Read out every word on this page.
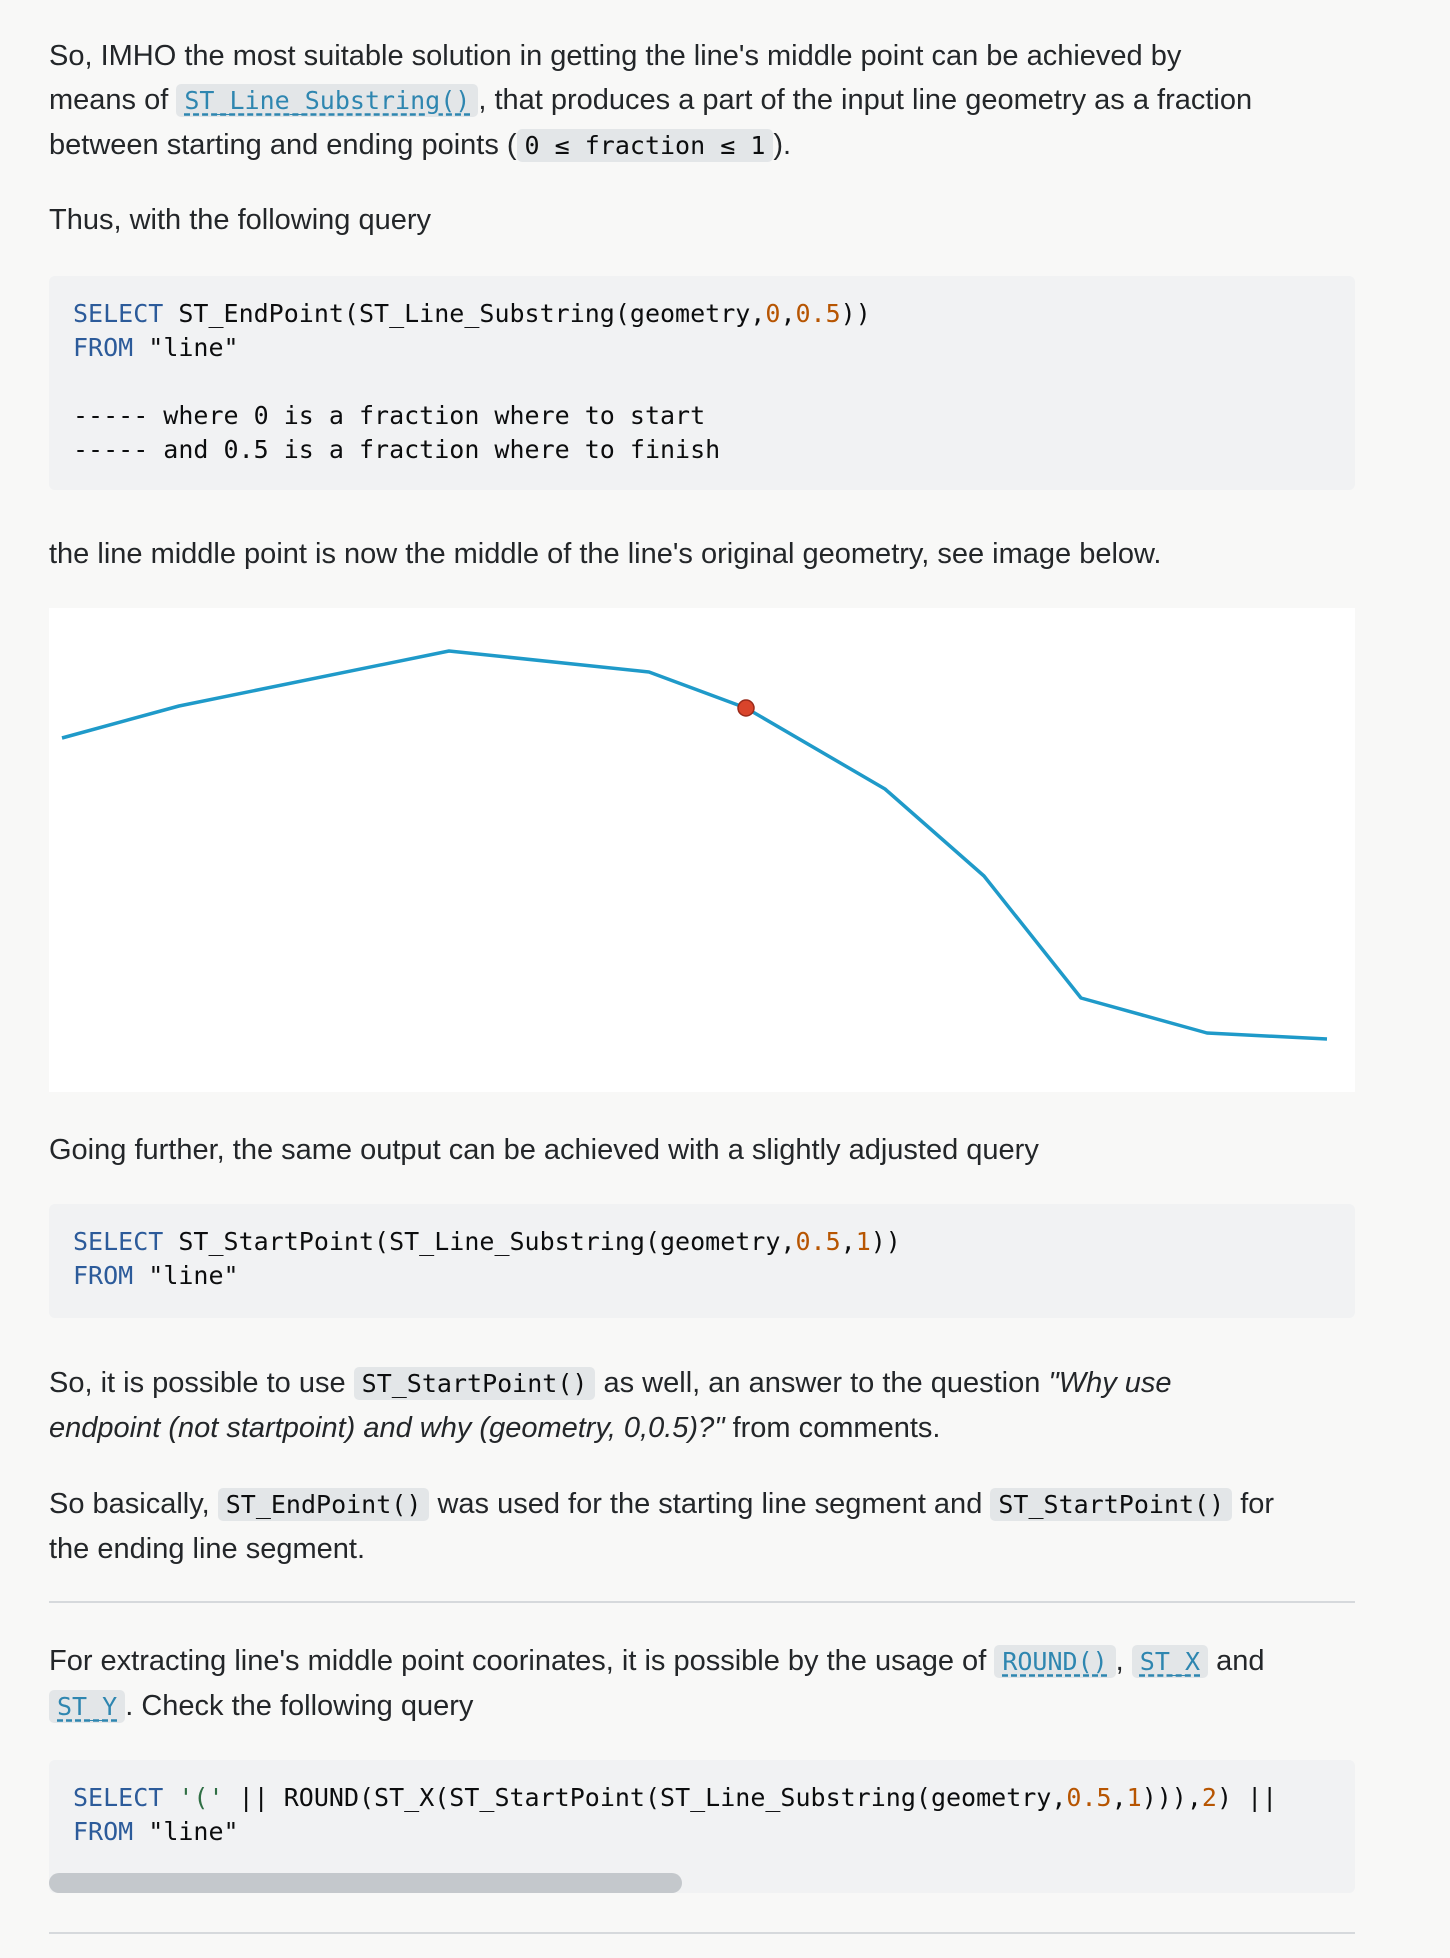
So, IMHO the most suitable solution in getting the line's middle point can be achieved by
means of ST_Line_Substring() , that produces a part of the input line geometry as a fraction
between starting and ending points ( 0 ≤ fraction ≤ 1 ).

Thus, with the following query

SELECT ST_EndPoint(ST_Line_Substring(geometry,0,0.5))
FROM "line"
----- where 0 is a fraction where to start
----- and 0.5 is a fraction where to finish

the line middle point is now the middle of the line's original geometry, see image below.

Going further, the same output can be achieved with a slightly adjusted query

SELECT ST_StartPoint(ST_Line_Substring(geometry,0.5,1))
FROM "line"

So, it is possible to use ST_StartPoint() as well, an answer to the question "Why use
endpoint (not startpoint) and why (geometry, 0,0.5)?" from comments.

So basically, ST_EndPoint() was used for the starting line segment and ST_StartPoint() for
the ending line segment.

For extracting line's middle point coorinates, it is possible by the usage of ROUND() , ST_X and
ST_Y . Check the following query

SELECT '(' || ROUND(ST_X(ST_StartPoint(ST_Line_Substring(geometry,0.5,1))),2) ||
FROM "line"
